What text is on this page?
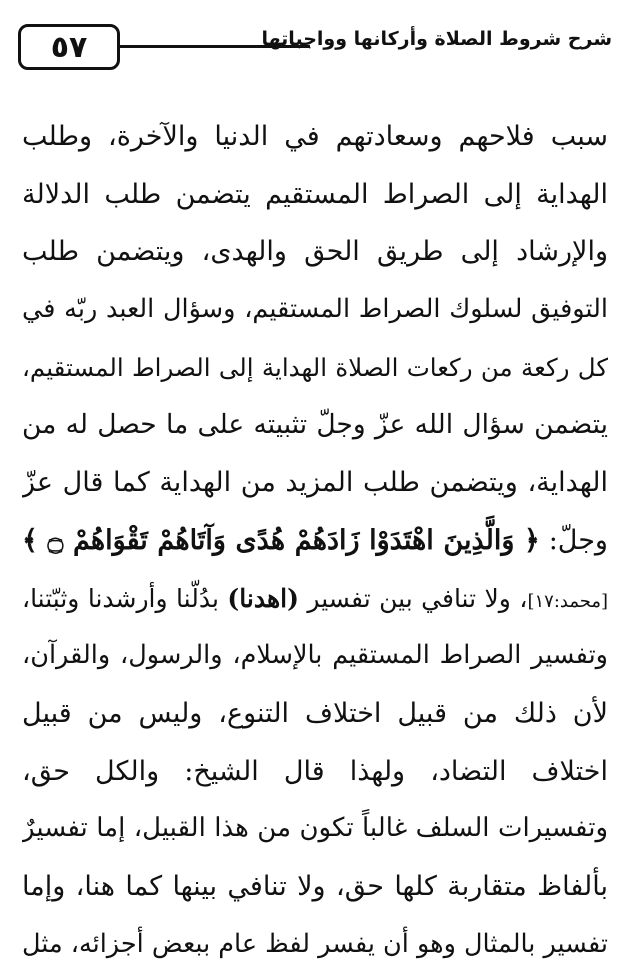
٥٧	شرح شروط الصلاة وأركانها وواجباتها
سبب فلاحهم وسعادتهم في الدنيا والآخرة، وطلب
الهداية إلى الصراط المستقيم يتضمن طلب الدلالة
والإرشاد إلى طريق الحق والهدى، ويتضمن طلب
التوفيق لسلوك الصراط المستقيم، وسؤال العبد ربّه في
كل ركعة من ركعات الصلاة الهداية إلى الصراط المستقيم،
يتضمن سؤال الله عزّ وجلّ تثبيته على ما حصل له من
الهداية، ويتضمن طلب المزيد من الهداية كما قال عزّ
وجلّ: ﴿ وَالَّذِينَ اهْتَدَوْا زَادَهُمْ هُدًى وَآتَاهُمْ تَقْوَاهُمْ ۝ ﴾
[محمد:١٧]، ولا تنافي بين تفسير (اهدنا) بدُلّنا وأرشدنا وثبّتنا،
وتفسير الصراط المستقيم بالإسلام، والرسول، والقرآن،
لأن ذلك من قبيل اختلاف التنوع، وليس من قبيل
اختلاف التضاد، ولهذا قال الشيخ: والكل حق،
وتفسيرات السلف غالباً تكون من هذا القبيل، إما تفسيرٌ
بألفاظ متقاربة كلها حق، ولا تنافي بينها كما هنا، وإما
تفسير بالمثال وهو أن يفسر لفظ عام ببعض أجزائه، مثل
